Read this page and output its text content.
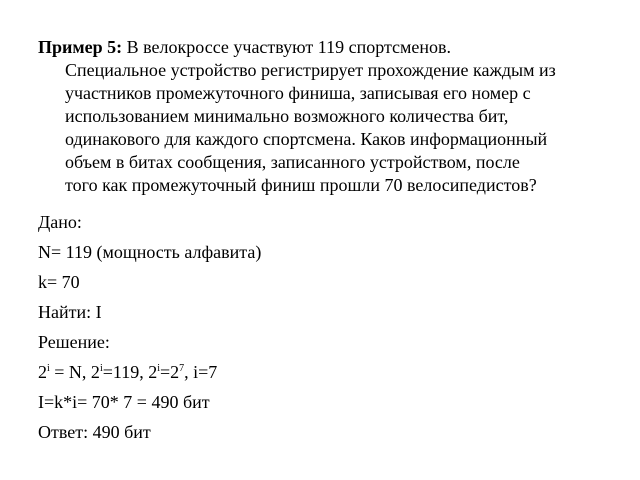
Пример 5: В велокроссе участвуют 119 спортсменов.
Специальное устройство регистрирует прохождение каждым из
участников промежуточного финиша, записывая его номер с
использованием минимально возможного количества бит,
одинакового для каждого спортсмена. Каков информационный
объем в битах сообщения, записанного устройством, после
того как промежуточный финиш прошли 70 велосипедистов?
Дано:
N= 119 (мощность алфавита)
k= 70
Найти: I
Решение:
$2^i = N$, $2^i=119$, $2^i=2^7$, i=7
I=k*i= 70* 7 = 490 бит
Ответ: 490 бит
